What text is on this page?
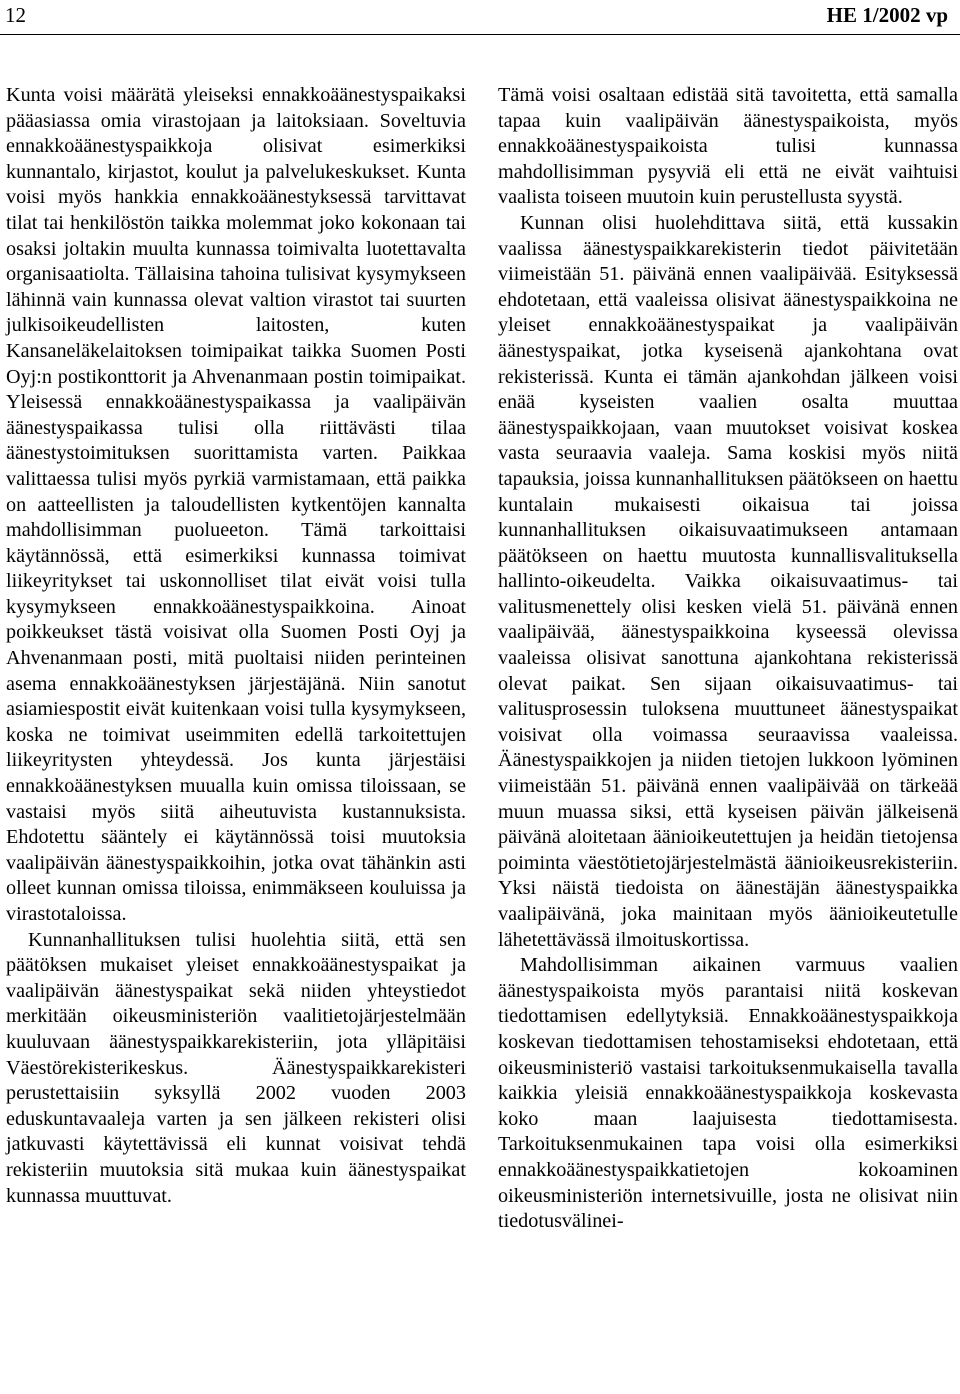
12	HE 1/2002 vp

Kunta voisi määrätä yleiseksi ennakkoäänestyspaikaksi pääasiassa omia virastojaan ja laitoksiaan. Soveltuvia ennakkoäänestyspaikkoja olisivat esimerkiksi kunnantalo, kirjastot, koulut ja palvelukeskukset. Kunta voisi myös hankkia ennakkoäänestyksessä tarvittavat tilat tai henkilöstön taikka molemmat joko kokonaan tai osaksi joltakin muulta kunnassa toimivalta luotettavalta organisaatiolta. Tällaisina tahoina tulisivat kysymykseen lähinnä vain kunnassa olevat valtion virastot tai suurten julkisoikeudellisten laitosten, kuten Kansaneläkelaitoksen toimipaikat taikka Suomen Posti Oyj:n postikonttorit ja Ahvenanmaan postin toimipaikat. Yleisessä ennakkoäänestyspaikassa ja vaalipäivän äänestyspaikassa tulisi olla riittävästi tilaa äänestystoimituksen suorittamista varten. Paikkaa valittaessa tulisi myös pyrkiä varmistamaan, että paikka on aatteellisten ja taloudellisten kytkentöjen kannalta mahdollisimman puolueeton. Tämä tarkoittaisi käytännössä, että esimerkiksi kunnassa toimivat liikeyritykset tai uskonnolliset tilat eivät voisi tulla kysymykseen ennakkoäänestyspaikkoina. Ainoat poikkeukset tästä voisivat olla Suomen Posti Oyj ja Ahvenanmaan posti, mitä puoltaisi niiden perinteinen asema ennakkoäänestyksen järjestäjänä. Niin sanotut asiamiespostit eivät kuitenkaan voisi tulla kysymykseen, koska ne toimivat useimmiten edellä tarkoitettujen liikeyritysten yhteydessä. Jos kunta järjestäisi ennakkoäänestyksen muualla kuin omissa tiloissaan, se vastaisi myös siitä aiheutuvista kustannuksista. Ehdotettu sääntely ei käytännössä toisi muutoksia vaalipäivän äänestyspaikkoihin, jotka ovat tähänkin asti olleet kunnan omissa tiloissa, enimmäkseen kouluissa ja virastotaloissa.

Kunnanhallituksen tulisi huolehtia siitä, että sen päätöksen mukaiset yleiset ennakkoäänestyspaikat ja vaalipäivän äänestyspaikat sekä niiden yhteystiedot merkitään oikeusministeriön vaalitietojärjestelmään kuuluvaan äänestyspaikkarekisteriin, jota ylläpitäisi Väestörekisterikeskus. Äänestyspaikkarekisteri perustettaisiin syksyllä 2002 vuoden 2003 eduskuntavaaleja varten ja sen jälkeen rekisteri olisi jatkuvasti käytettävissä eli kunnat voisivat tehdä rekisteriin muutoksia sitä mukaa kuin äänestyspaikat kunnassa muuttuvat.

Tämä voisi osaltaan edistää sitä tavoitetta, että samalla tapaa kuin vaalipäivän äänestyspaikoista, myös ennakkoäänestyspaikoista tulisi kunnassa mahdollisimman pysyviä eli että ne eivät vaihtuisi vaalista toiseen muutoin kuin perustellusta syystä.

Kunnan olisi huolehdittava siitä, että kussakin vaalissa äänestyspaikkarekisterin tiedot päivitetään viimeistään 51. päivänä ennen vaalipäivää. Esityksessä ehdotetaan, että vaaleissa olisivat äänestyspaikkoina ne yleiset ennakkoäänestyspaikat ja vaalipäivän äänestyspaikat, jotka kyseisenä ajankohtana ovat rekisterissä. Kunta ei tämän ajankohdan jälkeen voisi enää kyseisten vaalien osalta muuttaa äänestyspaikkojaan, vaan muutokset voisivat koskea vasta seuraavia vaaleja. Sama koskisi myös niitä tapauksia, joissa kunnanhallituksen päätökseen on haettu kuntalain mukaisesti oikaisua tai joissa kunnanhallituksen oikaisuvaatimukseen antamaan päätökseen on haettu muutosta kunnallisvalituksella hallinto-oikeudelta. Vaikka oikaisuvaatimus- tai valitusmenettely olisi kesken vielä 51. päivänä ennen vaalipäivää, äänestyspaikkoina kyseessä olevissa vaaleissa olisivat sanottuna ajankohtana rekisterissä olevat paikat. Sen sijaan oikaisuvaatimus- tai valitusprosessin tuloksena muuttuneet äänestyspaikat voisivat olla voimassa seuraavissa vaaleissa. Äänestyspaikkojen ja niiden tietojen lukkoon lyöminen viimeistään 51. päivänä ennen vaalipäivää on tärkeää muun muassa siksi, että kyseisen päivän jälkeisenä päivänä aloitetaan äänioikeutettujen ja heidän tietojensa poiminta väestötietojärjestelmästä äänioikeusrekisteriin. Yksi näistä tiedoista on äänestäjän äänestyspaikka vaalipäivänä, joka mainitaan myös äänioikeutetulle lähetettävässä ilmoituskortissa.

Mahdollisimman aikainen varmuus vaalien äänestyspaikoista myös parantaisi niitä koskevan tiedottamisen edellytyksiä. Ennakkoäänestyspaikkoja koskevan tiedottamisen tehostamiseksi ehdotetaan, että oikeusministeriö vastaisi tarkoituksenmukaisella tavalla kaikkia yleisiä ennakkoäänestyspaikkoja koskevasta koko maan laajuisesta tiedottamisesta. Tarkoituksenmukainen tapa voisi olla esimerkiksi ennakkoäänestyspaikkatietojen kokoaminen oikeusministeriön internetsivuille, josta ne olisivat niin tiedotusvälinei-
